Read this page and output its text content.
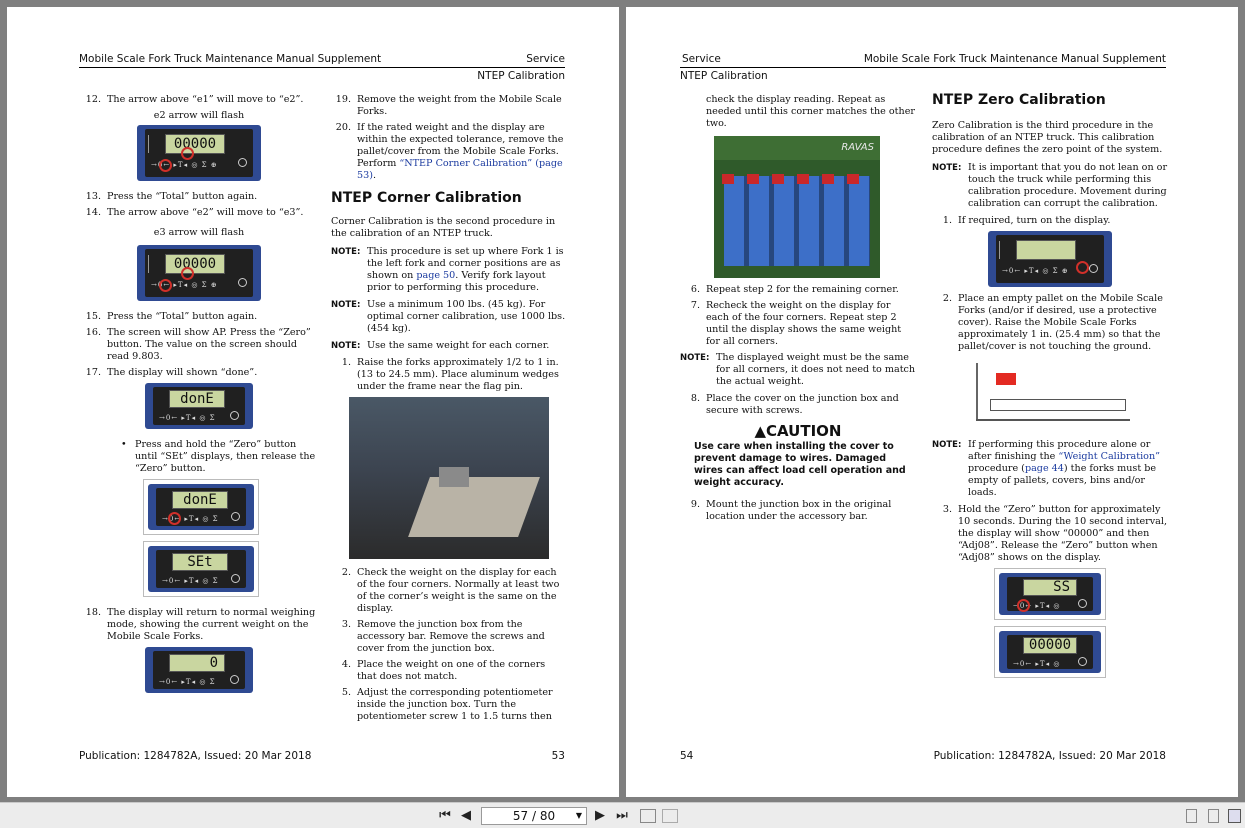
Mobile Scale Fork Truck Maintenance Manual Supplement	Service
NTEP Calibration
12. The arrow above “e1” will move to “e2”.
e2 arrow will flash
00000
→0← ▸T◂ ◎ Σ ⊕
13. Press the “Total” button again.
14. The arrow above “e2” will move to “e3”.
e3 arrow will flash
00000
→0← ▸T◂ ◎ Σ ⊕
15. Press the “Total” button again.
16. The screen will show AP. Press the “Zero” button. The value on the screen should read 9.803.
17. The display will shown “done”.
donE
→0← ▸T◂ ◎ Σ
• Press and hold the “Zero” button until “SEt” displays, then release the “Zero” button.
donE
→0← ▸T◂ ◎ Σ

SEt
→0← ▸T◂ ◎ Σ
18. The display will return to normal weighing mode, showing the current weight on the Mobile Scale Forks.
0
→0← ▸T◂ ◎ Σ
19. Remove the weight from the Mobile Scale Forks.
20. If the rated weight and the display are within the expected tolerance, remove the pallet/cover from the Mobile Scale Forks. Perform “NTEP Corner Calibration” (page 53).
NTEP Corner Calibration

Corner Calibration is the second procedure in the calibration of an NTEP truck.

NOTE: This procedure is set up where Fork 1 is the left fork and corner positions are as shown on page 50. Verify fork layout prior to performing this procedure.
NOTE: Use a minimum 100 lbs. (45 kg). For optimal corner calibration, use 1000 lbs. (454 kg).
NOTE: Use the same weight for each corner.
1. Raise the forks approximately 1/2 to 1 in. (13 to 24.5 mm). Place aluminum wedges under the frame near the flag pin.
2. Check the weight on the display for each of the four corners. Normally at least two of the corner’s weight is the same on the display.
3. Remove the junction box from the accessory bar. Remove the screws and cover from the junction box.
4. Place the weight on one of the corners that does not match.
5. Adjust the corresponding potentiometer inside the junction box. Turn the potentiometer screw 1 to 1.5 turns then
Publication: 1284782A, Issued: 20 Mar 2018	53
Service	Mobile Scale Fork Truck Maintenance Manual Supplement
NTEP Calibration

check the display reading. Repeat as needed until this corner matches the other two.

RAVAS
6. Repeat step 2 for the remaining corner.
7. Recheck the weight on the display for each of the four corners. Repeat step 2 until the display shows the same weight for all corners.
NOTE: The displayed weight must be the same for all corners, it does not need to match the actual weight.
8. Place the cover on the junction box and secure with screws.
▲CAUTION
Use care when installing the cover to prevent damage to wires. Damaged wires can affect load cell operation and weight accuracy.
9. Mount the junction box in the original location under the accessory bar.
NTEP Zero Calibration

Zero Calibration is the third procedure in the calibration of an NTEP truck. This calibration procedure defines the zero point of the system.

NOTE: It is important that you do not lean on or touch the truck while performing this calibration procedure. Movement during calibration can corrupt the calibration.
1. If required, turn on the display.
→0← ▸T◂ ◎ Σ ⊕
2. Place an empty pallet on the Mobile Scale Forks (and/or if desired, use a protective cover). Raise the Mobile Scale Forks approximately 1 in. (25.4 mm) so that the pallet/cover is not touching the ground.
NOTE: If performing this procedure alone or after finishing the “Weight Calibration” procedure (page 44) the forks must be empty of pallets, covers, bins and/or loads.
3. Hold the “Zero” button for approximately 10 seconds. During the 10 second interval, the display will show “00000” and then “Adj08”. Release the “Zero” button when “Adj08” shows on the display.
SS
→0← ▸T◂ ◎

00000
→0← ▸T◂ ◎
54	Publication: 1284782A, Issued: 20 Mar 2018
⏮ ◀	57 / 80	▼ ▶ ⏭
